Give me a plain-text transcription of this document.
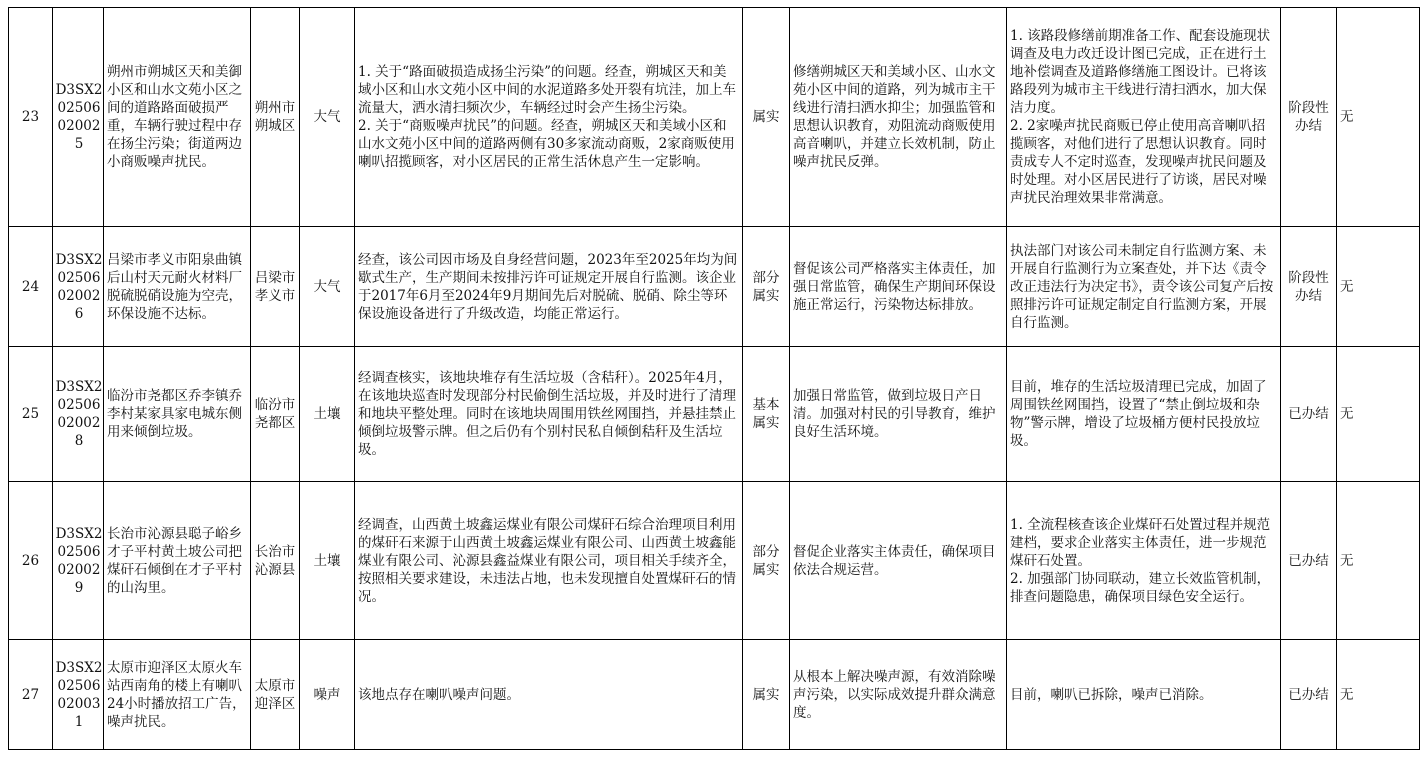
23	D3SX202506020025	朔州市朔城区天和美御小区和山水文苑小区之间的道路路面破损严重，车辆行驶过程中存在扬尘污染；街道两边小商贩噪声扰民。	朔州市朔城区	大气	1. 关于“路面破损造成扬尘污染”的问题。经查，朔城区天和美域小区和山水文苑小区中间的水泥道路多处开裂有坑洼，加上车流量大，洒水清扫频次少，车辆经过时会产生扬尘污染。
2. 关于“商贩噪声扰民”的问题。经查，朔城区天和美域小区和山水文苑小区中间的道路两侧有30多家流动商贩，2家商贩使用喇叭招揽顾客，对小区居民的正常生活休息产生一定影响。	属实	修缮朔城区天和美域小区、山水文苑小区中间的道路，列为城市主干线进行清扫洒水抑尘；加强监管和思想认识教育，劝阻流动商贩使用高音喇叭，并建立长效机制，防止噪声扰民反弹。	1. 该路段修缮前期准备工作、配套设施现状调查及电力改迁设计图已完成，正在进行土地补偿调查及道路修缮施工图设计。已将该路段列为城市主干线进行清扫洒水，加大保洁力度。
2. 2家噪声扰民商贩已停止使用高音喇叭招揽顾客，对他们进行了思想认识教育。同时责成专人不定时巡查，发现噪声扰民问题及时处理。对小区居民进行了访谈，居民对噪声扰民治理效果非常满意。	阶段性办结	无
24	D3SX202506020026	吕梁市孝义市阳泉曲镇后山村天元耐火材料厂脱硫脱硝设施为空壳，环保设施不达标。	吕梁市孝义市	大气	经查，该公司因市场及自身经营问题，2023年至2025年均为间歇式生产，生产期间未按排污许可证规定开展自行监测。该企业于2017年6月至2024年9月期间先后对脱硫、脱硝、除尘等环保设施设备进行了升级改造，均能正常运行。	部分属实	督促该公司严格落实主体责任，加强日常监管，确保生产期间环保设施正常运行，污染物达标排放。	执法部门对该公司未制定自行监测方案、未开展自行监测行为立案查处，并下达《责令改正违法行为决定书》，责令该公司复产后按照排污许可证规定制定自行监测方案，开展自行监测。	阶段性办结	无
25	D3SX202506020028	临汾市尧都区乔李镇乔李村某家具家电城东侧用来倾倒垃圾。	临汾市尧都区	土壤	经调查核实，该地块堆存有生活垃圾（含秸秆）。2025年4月，在该地块巡查时发现部分村民偷倒生活垃圾，并及时进行了清理和地块平整处理。同时在该地块周围用铁丝网围挡，并悬挂禁止倾倒垃圾警示牌。但之后仍有个别村民私自倾倒秸秆及生活垃圾。	基本属实	加强日常监管，做到垃圾日产日清。加强对村民的引导教育，维护良好生活环境。	目前，堆存的生活垃圾清理已完成，加固了周围铁丝网围挡，设置了“禁止倒垃圾和杂物”警示牌，增设了垃圾桶方便村民投放垃圾。	已办结	无
26	D3SX202506020029	长治市沁源县聪子峪乡才子平村黄土坡公司把煤矸石倾倒在才子平村的山沟里。	长治市沁源县	土壤	经调查，山西黄土坡鑫运煤业有限公司煤矸石综合治理项目利用的煤矸石来源于山西黄土坡鑫运煤业有限公司、山西黄土坡鑫能煤业有限公司、沁源县鑫益煤业有限公司，项目相关手续齐全，按照相关要求建设，未违法占地，也未发现擅自处置煤矸石的情况。	部分属实	督促企业落实主体责任，确保项目依法合规运营。	1. 全流程核查该企业煤矸石处置过程并规范建档，要求企业落实主体责任，进一步规范煤矸石处置。
2. 加强部门协同联动，建立长效监管机制，排查问题隐患，确保项目绿色安全运行。	已办结	无
27	D3SX202506020031	太原市迎泽区太原火车站西南角的楼上有喇叭24小时播放招工广告，噪声扰民。	太原市迎泽区	噪声	该地点存在喇叭噪声问题。	属实	从根本上解决噪声源，有效消除噪声污染，以实际成效提升群众满意度。	目前，喇叭已拆除，噪声已消除。	已办结	无
